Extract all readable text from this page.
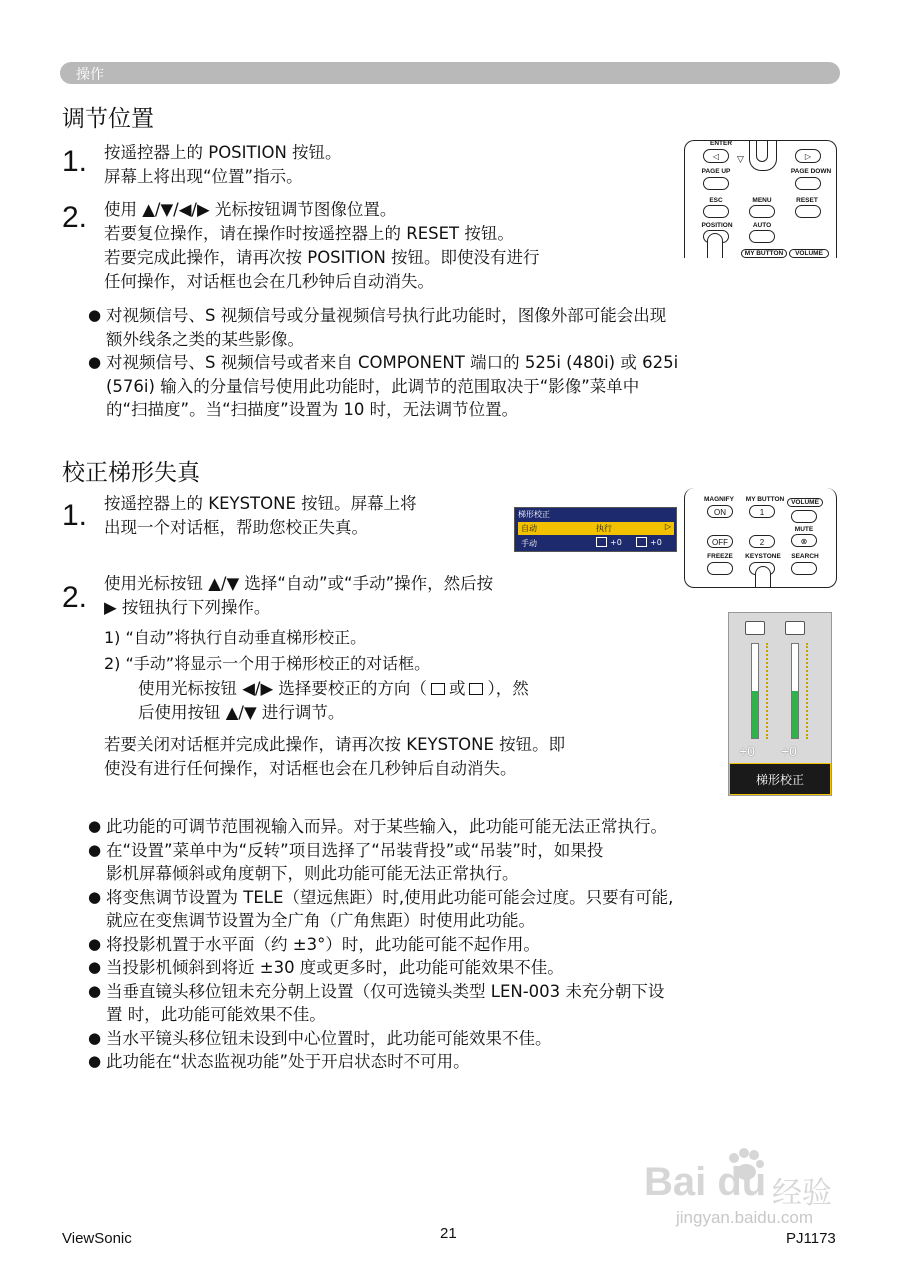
操作
调节位置
1. 按遥控器上的 POSITION 按钮。
屏幕上将出现“位置”指示。
2. 使用 ▲/▼/◀/▶ 光标按钮调节图像位置。
若要复位操作，请在操作时按遥控器上的 RESET 按钮。
若要完成此操作，请再次按 POSITION 按钮。即使没有进行
任何操作，对话框也会在几秒钟后自动消失。
● 对视频信号、S 视频信号或分量视频信号执行此功能时，图像外部可能会出现
额外线条之类的某些影像。
● 对视频信号、S 视频信号或者来自 COMPONENT 端口的 525i (480i) 或 625i
(576i) 输入的分量信号使用此功能时，此调节的范围取决于“影像”菜单中
的“扫描度”。当“扫描度”设置为 10 时，无法调节位置。
ENTER
◁	▽	▷
PAGE UP	PAGE DOWN
ESC	MENU	RESET
POSITION	AUTO
MY BUTTON	VOLUME
校正梯形失真
1. 按遥控器上的 KEYSTONE 按钮。屏幕上将
出现一个对话框，帮助您校正失真。
梯形校正
自动	执行	▷
手动	+0	+0
MAGNIFY	MY BUTTON	VOLUME
ON	1
MUTE
OFF	2	⊗
FREEZE	KEYSTONE	SEARCH
2. 使用光标按钮 ▲/▼ 选择“自动”或“手动”操作，然后按
▶ 按钮执行下列操作。
1) “自动”将执行自动垂直梯形校正。
2) “手动”将显示一个用于梯形校正的对话框。
使用光标按钮 ◀/▶ 选择要校正的方向（ 或 ），然
后使用按钮 ▲/▼ 进行调节。
若要关闭对话框并完成此操作，请再次按 KEYSTONE 按钮。即
使没有进行任何操作，对话框也会在几秒钟后自动消失。
+0 +0
梯形校正
● 此功能的可调节范围视输入而异。对于某些输入，此功能可能无法正常执行。
● 在“设置”菜单中为“反转”项目选择了“吊装背投”或“吊装”时，如果投
影机屏幕倾斜或角度朝下，则此功能可能无法正常执行。
● 将变焦调节设置为 TELE（望远焦距）时,使用此功能可能会过度。只要有可能,
就应在变焦调节设置为全广角（广角焦距）时使用此功能。
● 将投影机置于水平面（约 ±3°）时，此功能可能不起作用。
● 当投影机倾斜到将近 ±30 度或更多时，此功能可能效果不佳。
● 当垂直镜头移位钮未充分朝上设置（仅可选镜头类型 LEN-003 未充分朝下设
置 时，此功能可能效果不佳。
● 当水平镜头移位钮未设到中心位置时，此功能可能效果不佳。
● 此功能在“状态监视功能”处于开启状态时不可用。
Bai du 经验
jingyan.baidu.com
ViewSonic	21	PJ1173
